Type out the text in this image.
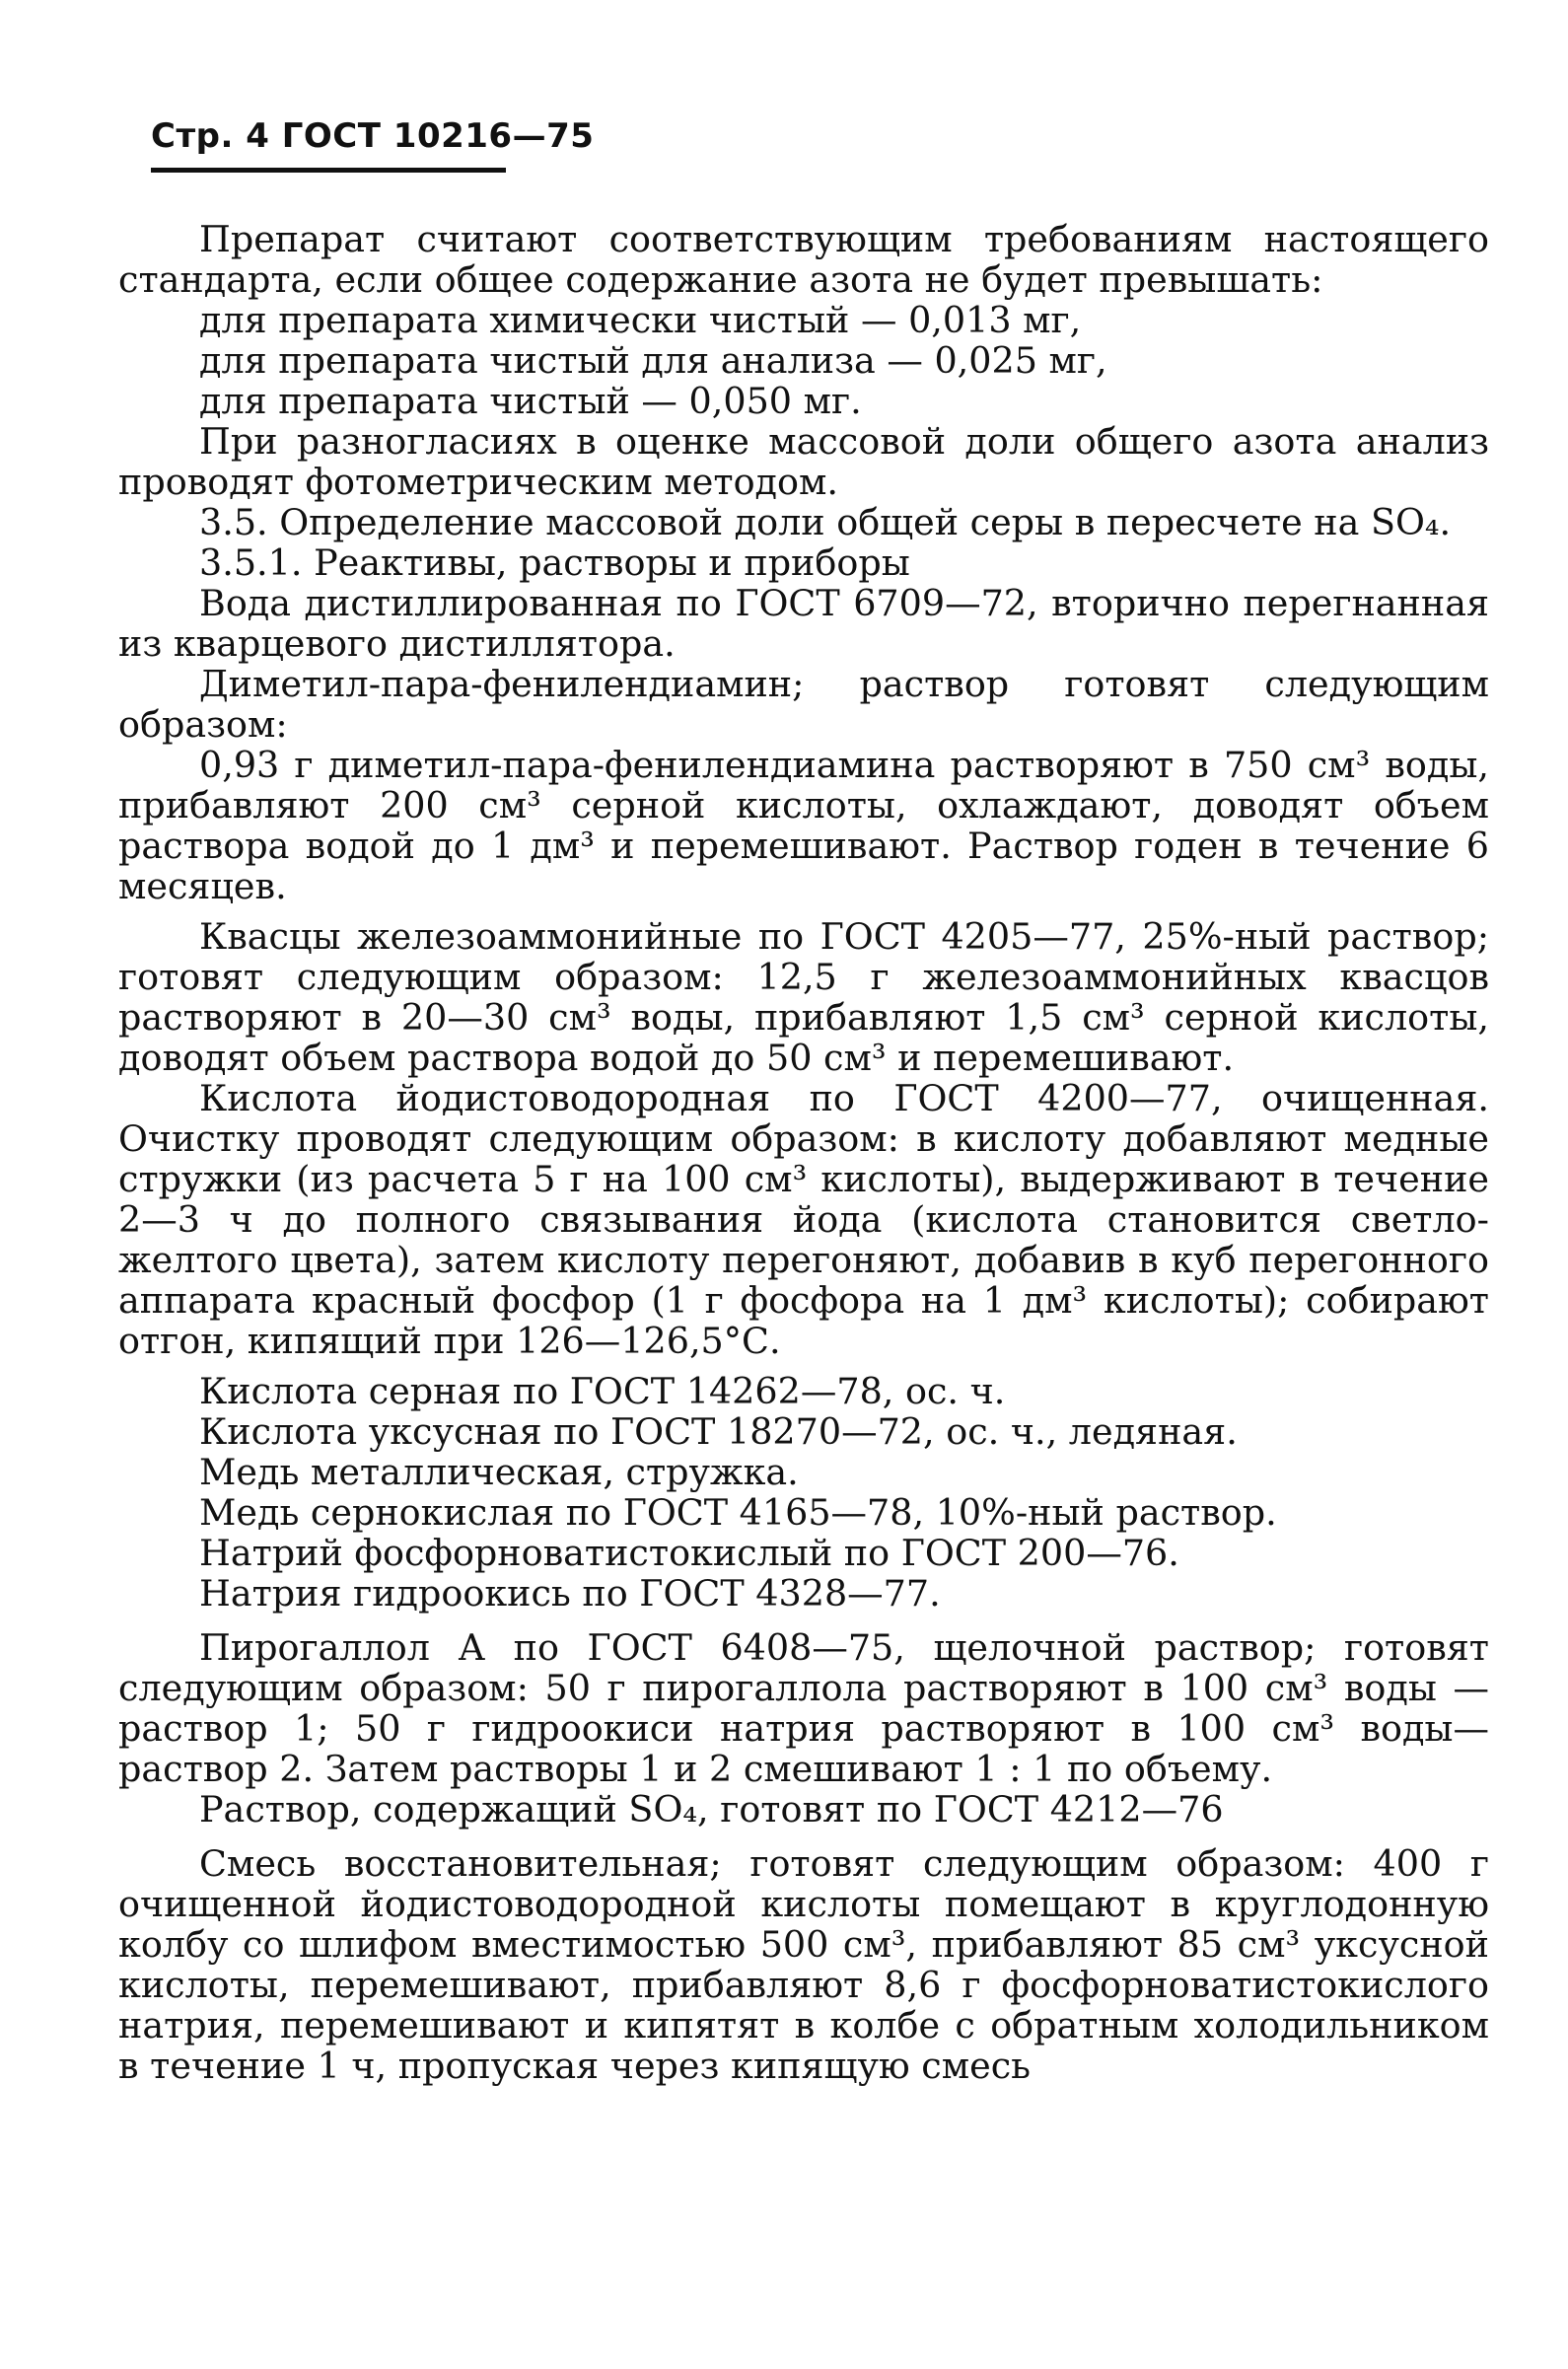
Стр. 4 ГОСТ 10216—75

Препарат считают соответствующим требованиям настоящего стандарта, если общее содержание азота не будет превышать:

для препарата химически чистый — 0,013 мг,

для препарата чистый для анализа — 0,025 мг,

для препарата чистый — 0,050 мг.

При разногласиях в оценке массовой доли общего азота анализ проводят фотометрическим методом.

3.5. Определение массовой доли общей серы в пересчете на SO₄.

3.5.1. Реактивы, растворы и приборы

Вода дистиллированная по ГОСТ 6709—72, вторично перегнанная из кварцевого дистиллятора.

Диметил-пара-фенилендиамин; раствор готовят следующим образом:

0,93 г диметил-пара-фенилендиамина растворяют в 750 см³ воды, прибавляют 200 см³ серной кислоты, охлаждают, доводят объем раствора водой до 1 дм³ и перемешивают. Раствор годен в течение 6 месяцев.

Квасцы железоаммонийные по ГОСТ 4205—77, 25%-ный раствор; готовят следующим образом: 12,5 г железоаммонийных квасцов растворяют в 20—30 см³ воды, прибавляют 1,5 см³ серной кислоты, доводят объем раствора водой до 50 см³ и перемешивают.

Кислота йодистоводородная по ГОСТ 4200—77, очищенная. Очистку проводят следующим образом: в кислоту добавляют медные стружки (из расчета 5 г на 100 см³ кислоты), выдерживают в течение 2—3 ч до полного связывания йода (кислота становится светло-желтого цвета), затем кислоту перегоняют, добавив в куб перегонного аппарата красный фосфор (1 г фосфора на 1 дм³ кислоты); собирают отгон, кипящий при 126—126,5°С.

Кислота серная по ГОСТ 14262—78, ос. ч.

Кислота уксусная по ГОСТ 18270—72, ос. ч., ледяная.

Медь металлическая, стружка.

Медь сернокислая по ГОСТ 4165—78, 10%-ный раствор.

Натрий фосфорноватистокислый по ГОСТ 200—76.

Натрия гидроокись по ГОСТ 4328—77.

Пирогаллол А по ГОСТ 6408—75, щелочной раствор; готовят следующим образом: 50 г пирогаллола растворяют в 100 см³ воды —раствор 1; 50 г гидроокиси натрия растворяют в 100 см³ воды— раствор 2. Затем растворы 1 и 2 смешивают 1 : 1 по объему.

Раствор, содержащий SO₄, готовят по ГОСТ 4212—76

Смесь восстановительная; готовят следующим образом: 400 г очищенной йодистоводородной кислоты помещают в круглодонную колбу со шлифом вместимостью 500 см³, прибавляют 85 см³ уксусной кислоты, перемешивают, прибавляют 8,6 г фосфорноватистокислого натрия, перемешивают и кипятят в колбе с обратным холодильником в течение 1 ч, пропуская через кипящую смесь
